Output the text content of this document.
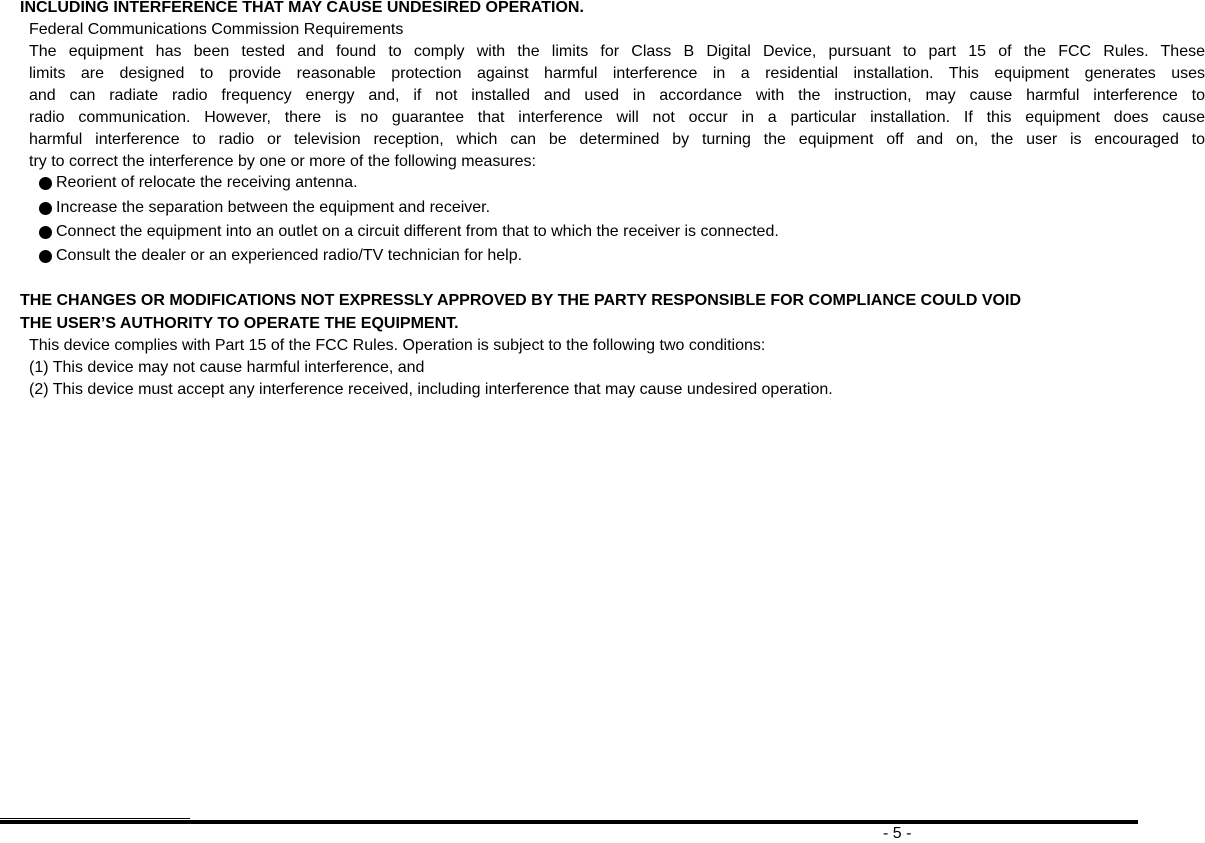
INCLUDING INTERFERENCE THAT MAY CAUSE UNDESIRED OPERATION.
Federal Communications Commission Requirements
The equipment has been tested and found to comply with the limits for Class B Digital Device, pursuant to part 15 of the FCC Rules. These
limits are designed to provide reasonable protection against harmful interference in a residential installation. This equipment generates uses
and can radiate radio frequency energy and, if not installed and used in accordance with the instruction, may cause harmful interference to
radio communication. However, there is no guarantee that interference will not occur in a particular installation. If this equipment does cause
harmful interference to radio or television reception, which can be determined by turning the equipment off and on, the user is encouraged to
try to correct the interference by one or more of the following measures:
Reorient of relocate the receiving antenna.
Increase the separation between the equipment and receiver.
Connect the equipment into an outlet on a circuit different from that to which the receiver is connected.
Consult the dealer or an experienced radio/TV technician for help.
THE CHANGES OR MODIFICATIONS NOT EXPRESSLY APPROVED BY THE PARTY RESPONSIBLE FOR COMPLIANCE COULD VOID
THE USER’S AUTHORITY TO OPERATE THE EQUIPMENT.
This device complies with Part 15 of the FCC Rules. Operation is subject to the following two conditions:
(1) This device may not cause harmful interference, and
(2) This device must accept any interference received, including interference that may cause undesired operation.
- 5 -
